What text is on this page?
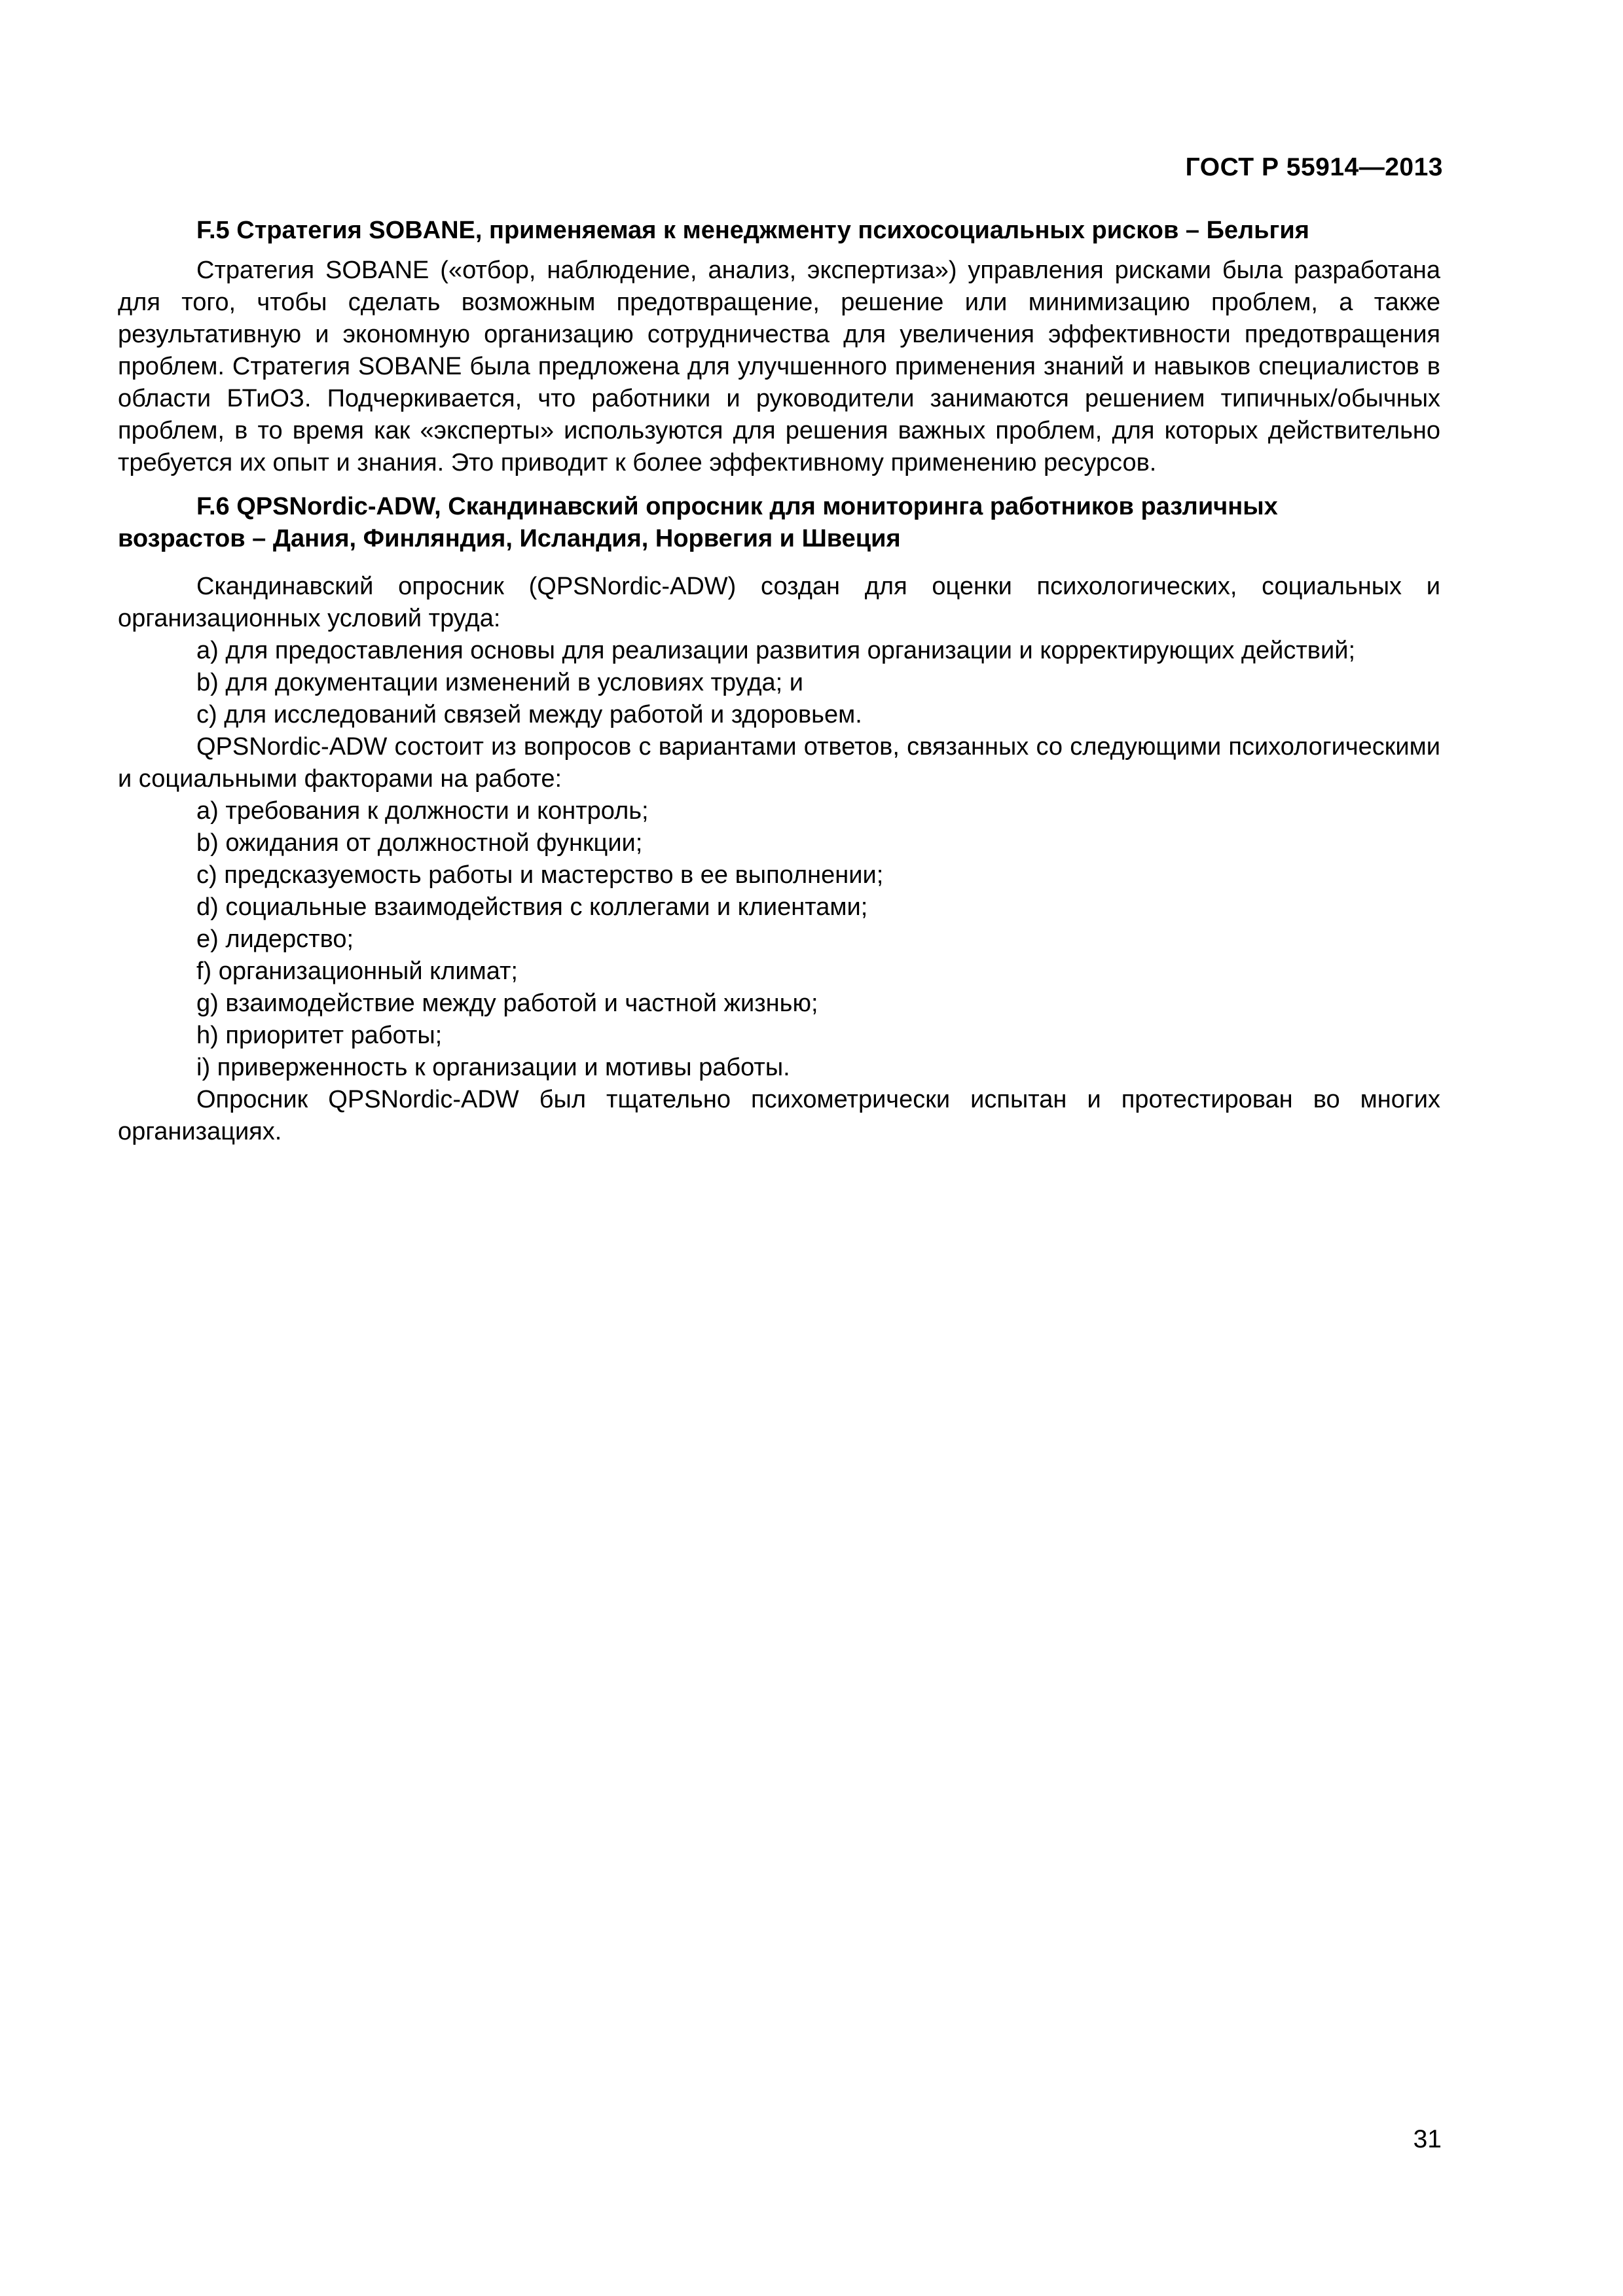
ГОСТ Р 55914—2013
F.5 Стратегия SOBANE, применяемая к менеджменту психосоциальных рисков – Бельгия

Стратегия SOBANE («отбор, наблюдение, анализ, экспертиза») управления рисками была разработана для того, чтобы сделать возможным предотвращение, решение или минимизацию проблем, а также результативную и экономную организацию сотрудничества для увеличения эффективности предотвращения проблем. Стратегия SOBANE была предложена для улучшенного применения знаний и навыков специалистов в области БТиОЗ. Подчеркивается, что работники и руководители занимаются решением типичных/обычных проблем, в то время как «эксперты» используются для решения важных проблем, для которых действительно требуется их опыт и знания. Это приводит к более эффективному применению ресурсов.

F.6 QPSNordic-ADW, Скандинавский опросник для мониторинга работников различных
возрастов – Дания, Финляндия, Исландия, Норвегия и Швеция

Скандинавский опросник (QPSNordic-ADW) создан для оценки психологических, социальных и организационных условий труда:

a) для предоставления основы для реализации развития организации и корректирующих действий;

b) для документации изменений в условиях труда; и

c) для исследований связей между работой и здоровьем.

QPSNordic-ADW состоит из вопросов с вариантами ответов, связанных со следующими психологическими и социальными факторами на работе:

a) требования к должности и контроль;

b) ожидания от должностной функции;

c) предсказуемость работы и мастерство в ее выполнении;

d) социальные взаимодействия с коллегами и клиентами;

e) лидерство;

f) организационный климат;

g) взаимодействие между работой и частной жизнью;

h) приоритет работы;

i) приверженность к организации и мотивы работы.

Опросник QPSNordic-ADW был тщательно психометрически испытан и протестирован во многих организациях.

31
